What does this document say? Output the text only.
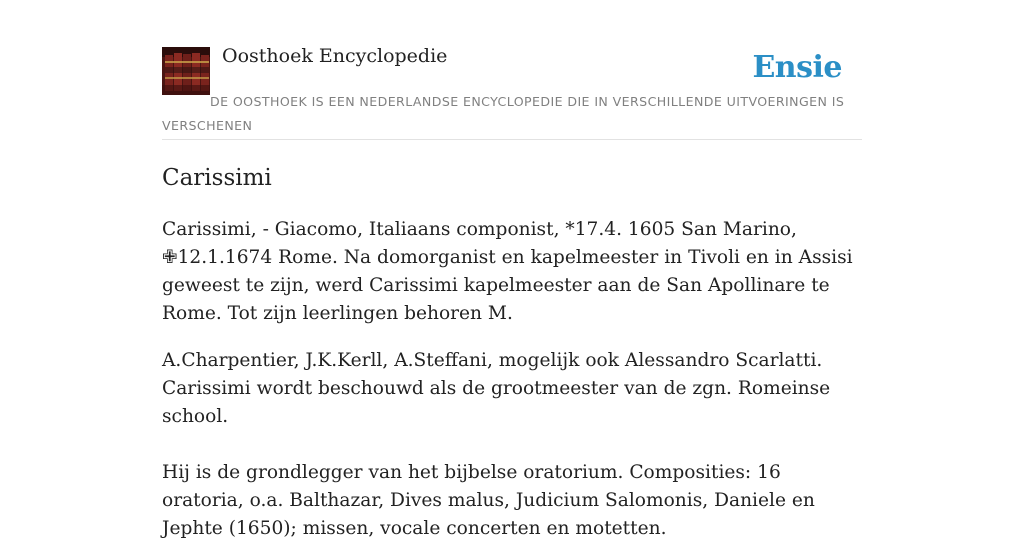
Oosthoek Encyclopedie	Ensie
DE OOSTHOEK IS EEN NEDERLANDSE ENCYCLOPEDIE DIE IN VERSCHILLENDE UITVOERINGEN IS VERSCHENEN
Carissimi

Carissimi, - Giacomo, Italiaans componist, *17.4. 1605 San Marino, ✙12.1.1674 Rome. Na domorganist en kapelmeester in Tivoli en in Assisi geweest te zijn, werd Carissimi kapelmeester aan de San Apollinare te Rome. Tot zijn leerlingen behoren M.

A.Charpentier, J.K.Kerll, A.Steffani, mogelijk ook Alessandro Scarlatti. Carissimi wordt beschouwd als de grootmeester van de zgn. Romeinse school.

Hij is de grondlegger van het bijbelse oratorium. Composities: 16 oratoria, o.a. Balthazar, Dives malus, Judicium Salomonis, Daniele en Jephte (1650); missen, vocale concerten en motetten.
